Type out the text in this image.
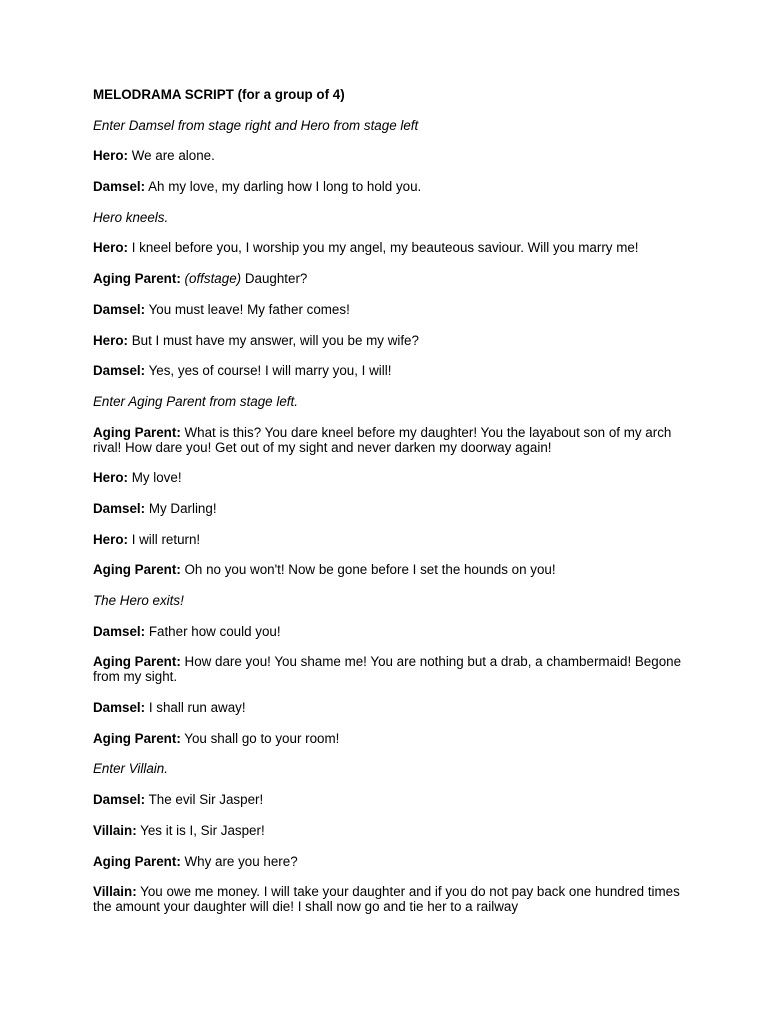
MELODRAMA SCRIPT (for a group of 4)
Enter Damsel from stage right and Hero from stage left
Hero: We are alone.
Damsel: Ah my love, my darling how I long to hold you.
Hero kneels.
Hero: I kneel before you, I worship you my angel, my beauteous saviour. Will you marry me!
Aging Parent: (offstage) Daughter?
Damsel: You must leave! My father comes!
Hero: But I must have my answer, will you be my wife?
Damsel: Yes, yes of course! I will marry you, I will!
Enter Aging Parent from stage left.
Aging Parent: What is this? You dare kneel before my daughter! You the layabout son of my arch rival! How dare you! Get out of my sight and never darken my doorway again!
Hero: My love!
Damsel: My Darling!
Hero: I will return!
Aging Parent: Oh no you won't! Now be gone before I set the hounds on you!
The Hero exits!
Damsel: Father how could you!
Aging Parent: How dare you! You shame me! You are nothing but a drab, a chambermaid! Begone from my sight.
Damsel: I shall run away!
Aging Parent: You shall go to your room!
Enter Villain.
Damsel: The evil Sir Jasper!
Villain: Yes it is I, Sir Jasper!
Aging Parent: Why are you here?
Villain: You owe me money. I will take your daughter and if you do not pay back one hundred times the amount your daughter will die! I shall now go and tie her to a railway
